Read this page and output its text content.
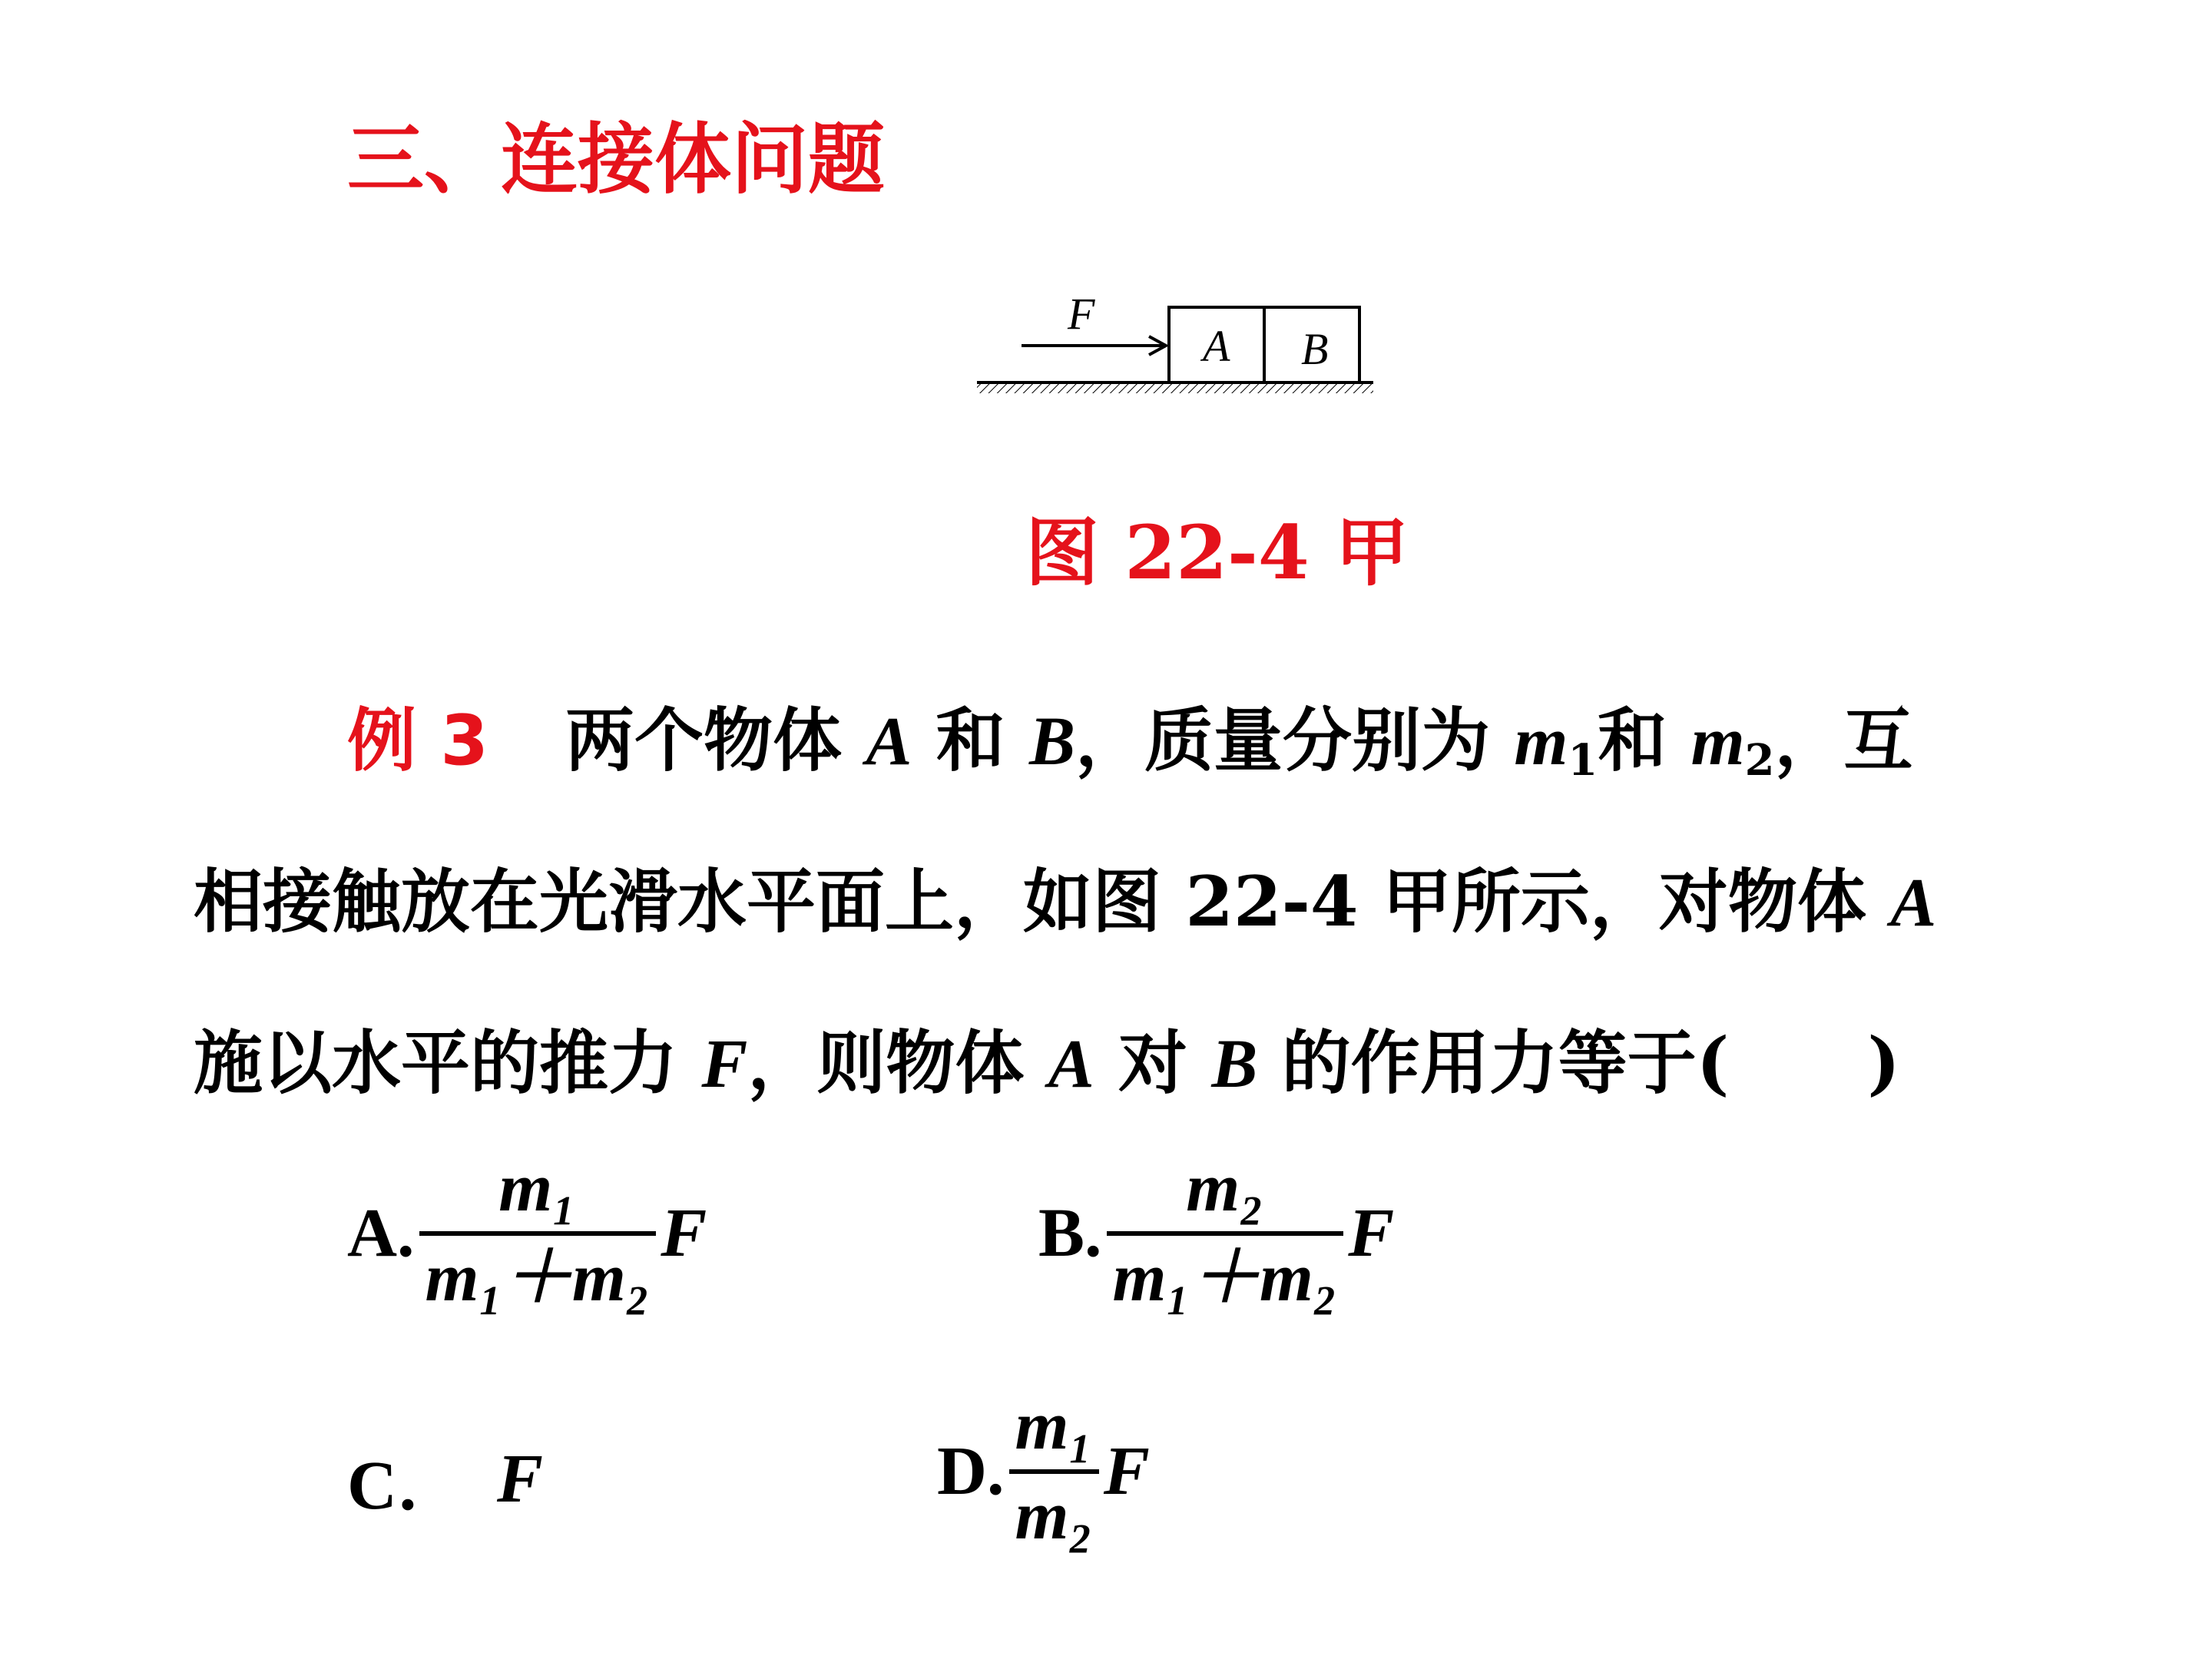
三、连接体问题
F
A B
图 22-4 甲
例 3 两个物体 A 和 B，质量分别为 $m_1$和 $m_2$，互
相接触放在光滑水平面上，如图 22-4 甲所示，对物体 A
施以水平的推力 F，则物体 A 对 B 的作用力等于( )
A.
m₁
m₁＋m₂
F	B.
m₂
m₁＋m₂
F
C． F	D.
m₁
m₂
F
